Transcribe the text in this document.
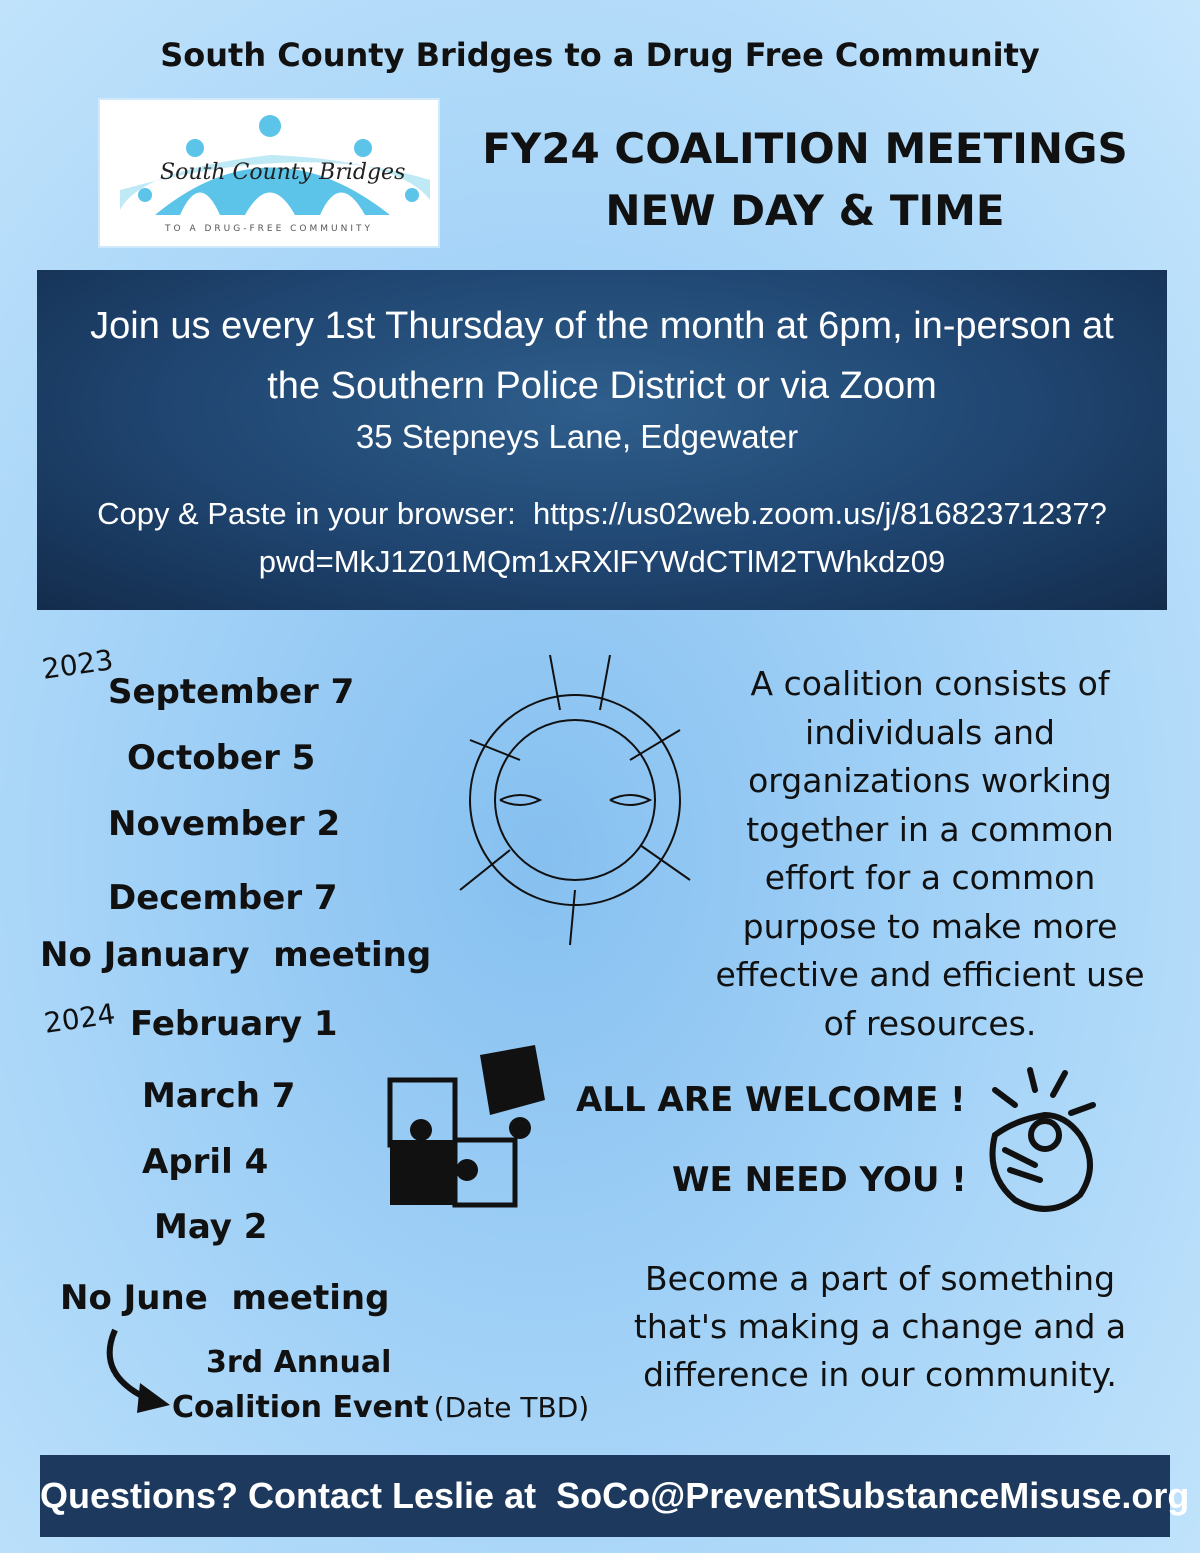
South County Bridges to a Drug Free Community
South County Bridges
TO A DRUG-FREE COMMUNITY
FY24 COALITION MEETINGS
NEW DAY & TIME
Join us every 1st Thursday of the month at 6pm, in-person at
the Southern Police District or via Zoom
35 Stepneys Lane, Edgewater
Copy & Paste in your browser: https://us02web.zoom.us/j/81682371237?
pwd=MkJ1Z01MQm1xRXlFYWdCTlM2TWhkdz09
2023
September 7
October 5
November 2
December 7
No January  meeting
2024 February 1
March 7
April 4
May 2
No June  meeting
3rd Annual
Coalition Event (Date TBD)
A coalition consists of individuals and organizations working together in a common effort for a common purpose to make more effective and efficient use of resources.
ALL ARE WELCOME !
WE NEED YOU !
Become a part of something that's making a change and a difference in our community.
Questions? Contact Leslie at  SoCo@PreventSubstanceMisuse.org
